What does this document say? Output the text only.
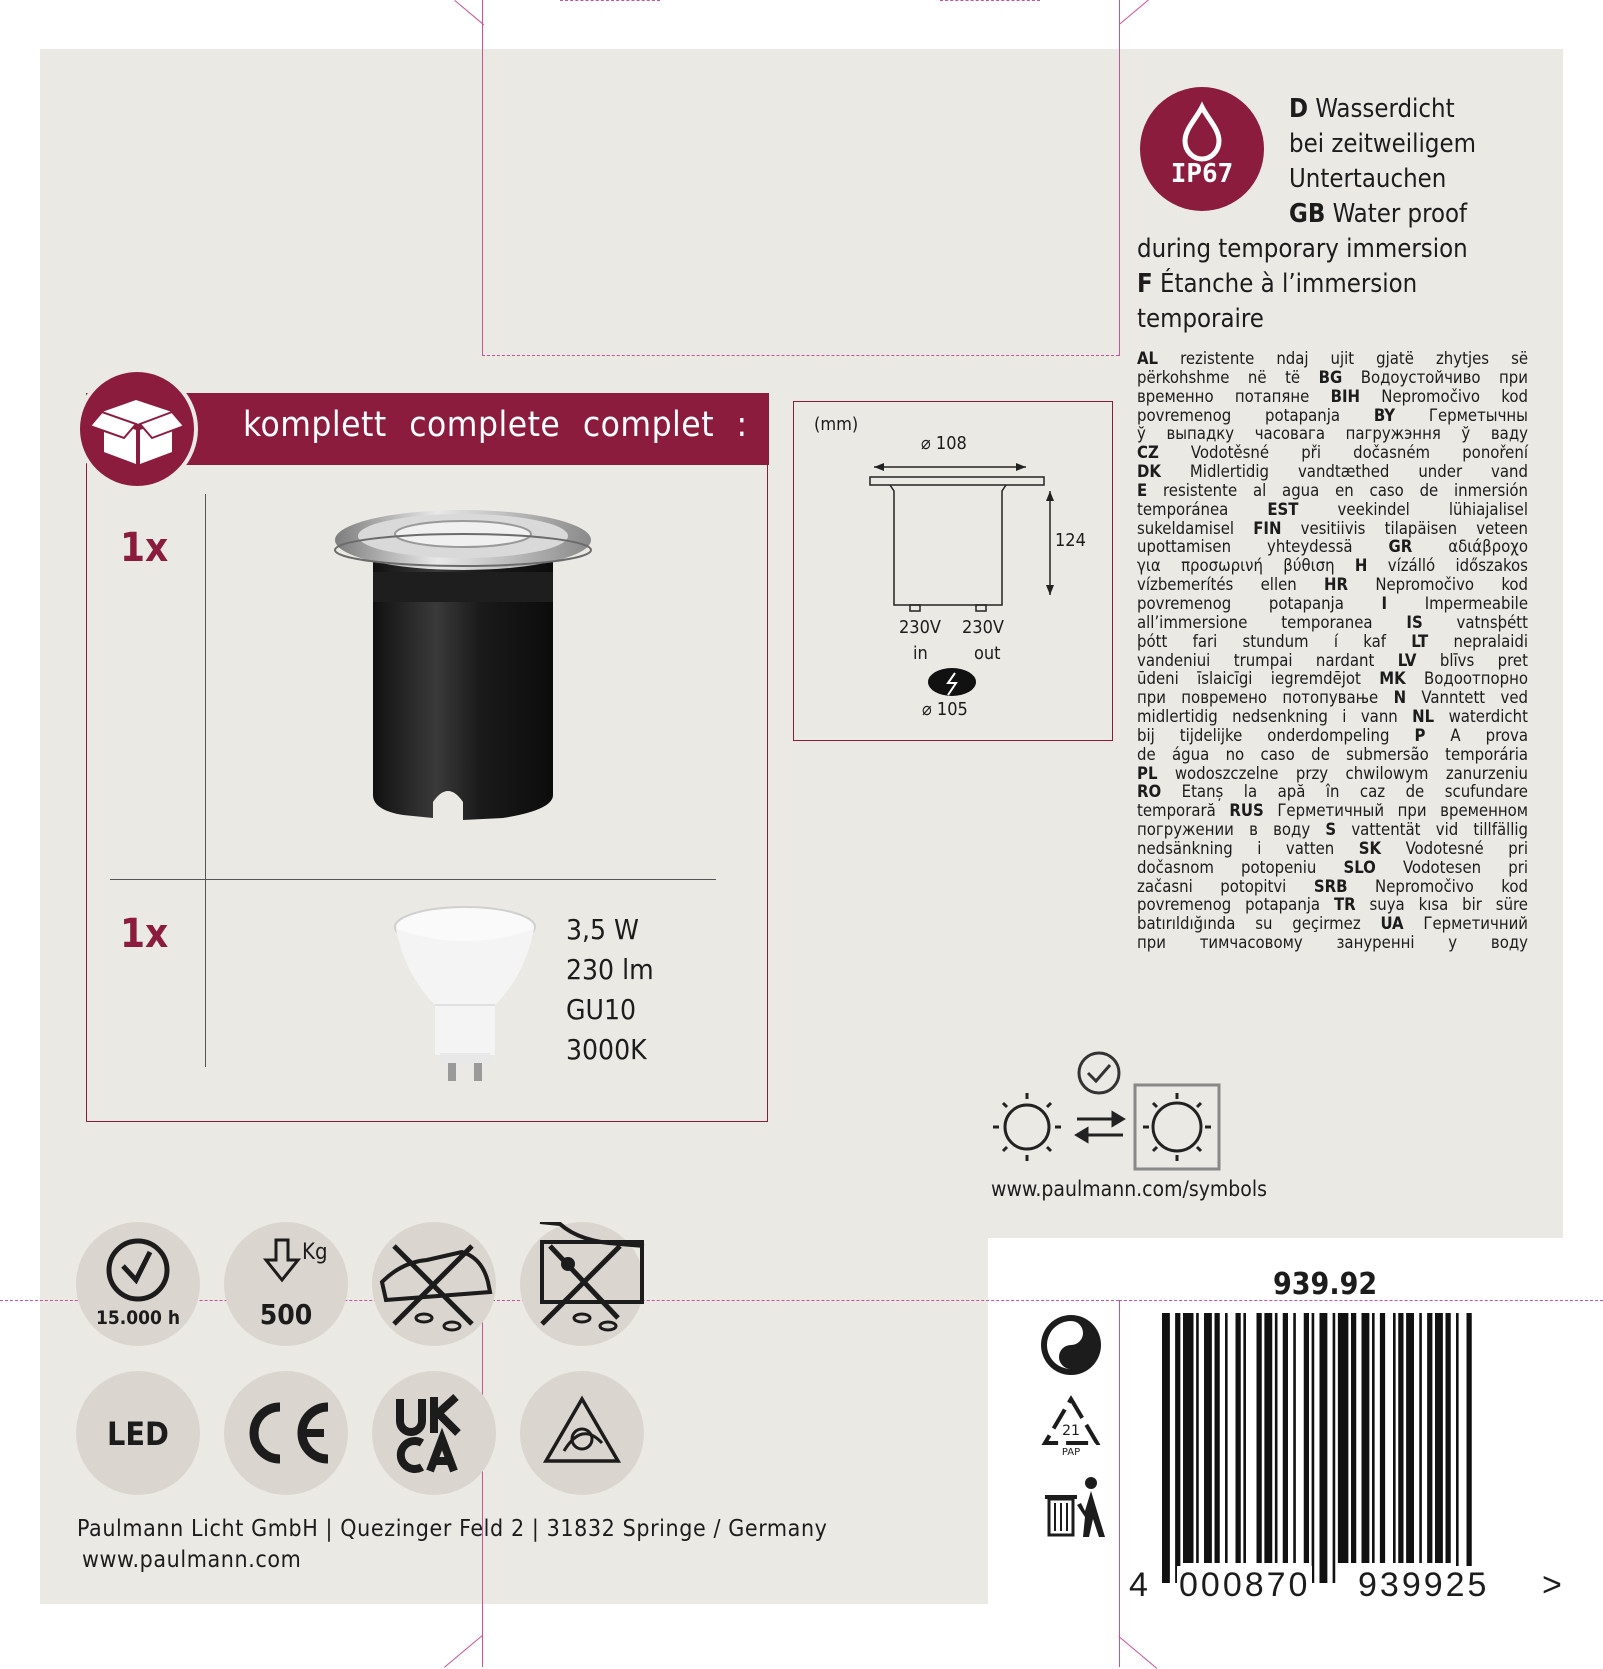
IP67
D Wasserdicht
bei zeitweiligem
Untertauchen
GB Water proof
during temporary immersion
F Étanche à l’immersion
temporaire
AL rezistente ndaj ujit gjatë zhytjes së
përkohshme në të BG Водоустойчиво при
временно потапяне BIH Nepromočivo kod
povremenog potapanja BY Герметычны
ў выпадку часовага пагружэння ў ваду
CZ Vodotěsné při dočasném ponoření
DK Midlertidig vandtæthed under vand
E resistente al agua en caso de inmersión
temporánea EST veekindel lühiajalisel
sukeldamisel FIN vesitiivis tilapäisen veteen
upottamisen yhteydessä GR αδιάβροχο
για προσωρινή βύθιση H vízálló időszakos
vízbemerítés ellen HR Nepromočivo kod
povremenog potapanja I Impermeabile
all’immersione temporanea IS vatnsþétt
þótt fari stundum í kaf LT nepralaidi
vandeniui trumpai nardant LV blīvs pret
ūdeni īslaicīgi iegremdējot MK Водоотпорно
при повремено потопување N Vanntett ved
midlertidig nedsenkning i vann NL waterdicht
bij tijdelijke onderdompeling P A prova
de água no caso de submersão temporária
PL wodoszczelne przy chwilowym zanurzeniu
RO Etanș la apă în caz de scufundare
temporară RUS Герметичный при временном
погружении в воду S vattentät vid tillfällig
nedsänkning i vatten SK Vodotesné pri
dočasnom potopeniu SLO Vodotesen pri
začasni potopitvi SRB Nepromočivo kod
povremenog potapanja TR suya kısa bir süre
batırıldığında su geçirmez UA Герметичний
при тимчасовому зануренні у воду
komplett complete complet :
1x
1x	3,5 W
230 lm
GU10
3000K
(mm)
⌀ 108
124
230V
in
230V
out
⌀ 105
www.paulmann.com/symbols
15.000 h
Kg
500
LED
Paulmann Licht GmbH | Quezinger Feld 2 | 31832 Springe / Germany
www.paulmann.com
21
PAP
939.92
4 000870 939925 >
